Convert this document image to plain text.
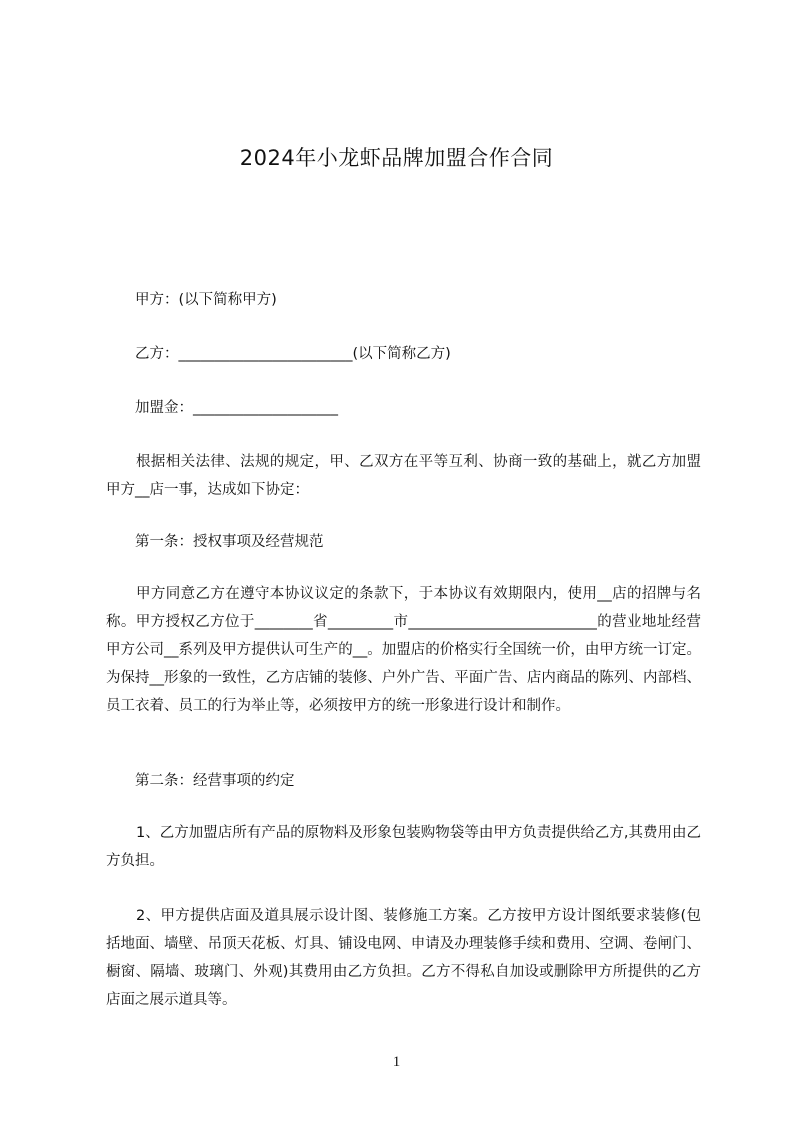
2024年小龙虾品牌加盟合作合同
甲方：(以下简称甲方)
乙方：________________________(以下简称乙方)
加盟金：____________________
根据相关法律、法规的规定，甲、乙双方在平等互利、协商一致的基础上，就乙方加盟甲方__店一事，达成如下协定：
第一条：授权事项及经营规范
甲方同意乙方在遵守本协议议定的条款下，于本协议有效期限内，使用__店的招牌与名称。甲方授权乙方位于________省_________市__________________________的营业地址经营甲方公司__系列及甲方提供认可生产的__。加盟店的价格实行全国统一价，由甲方统一订定。为保持__形象的一致性，乙方店铺的装修、户外广告、平面广告、店内商品的陈列、内部档、员工衣着、员工的行为举止等，必须按甲方的统一形象进行设计和制作。
第二条：经营事项的约定
1、乙方加盟店所有产品的原物料及形象包装购物袋等由甲方负责提供给乙方,其费用由乙方负担。
2、甲方提供店面及道具展示设计图、装修施工方案。乙方按甲方设计图纸要求装修(包括地面、墙壁、吊顶天花板、灯具、铺设电网、申请及办理装修手续和费用、空调、卷闸门、橱窗、隔墙、玻璃门、外观)其费用由乙方负担。乙方不得私自加设或删除甲方所提供的乙方店面之展示道具等。
1
